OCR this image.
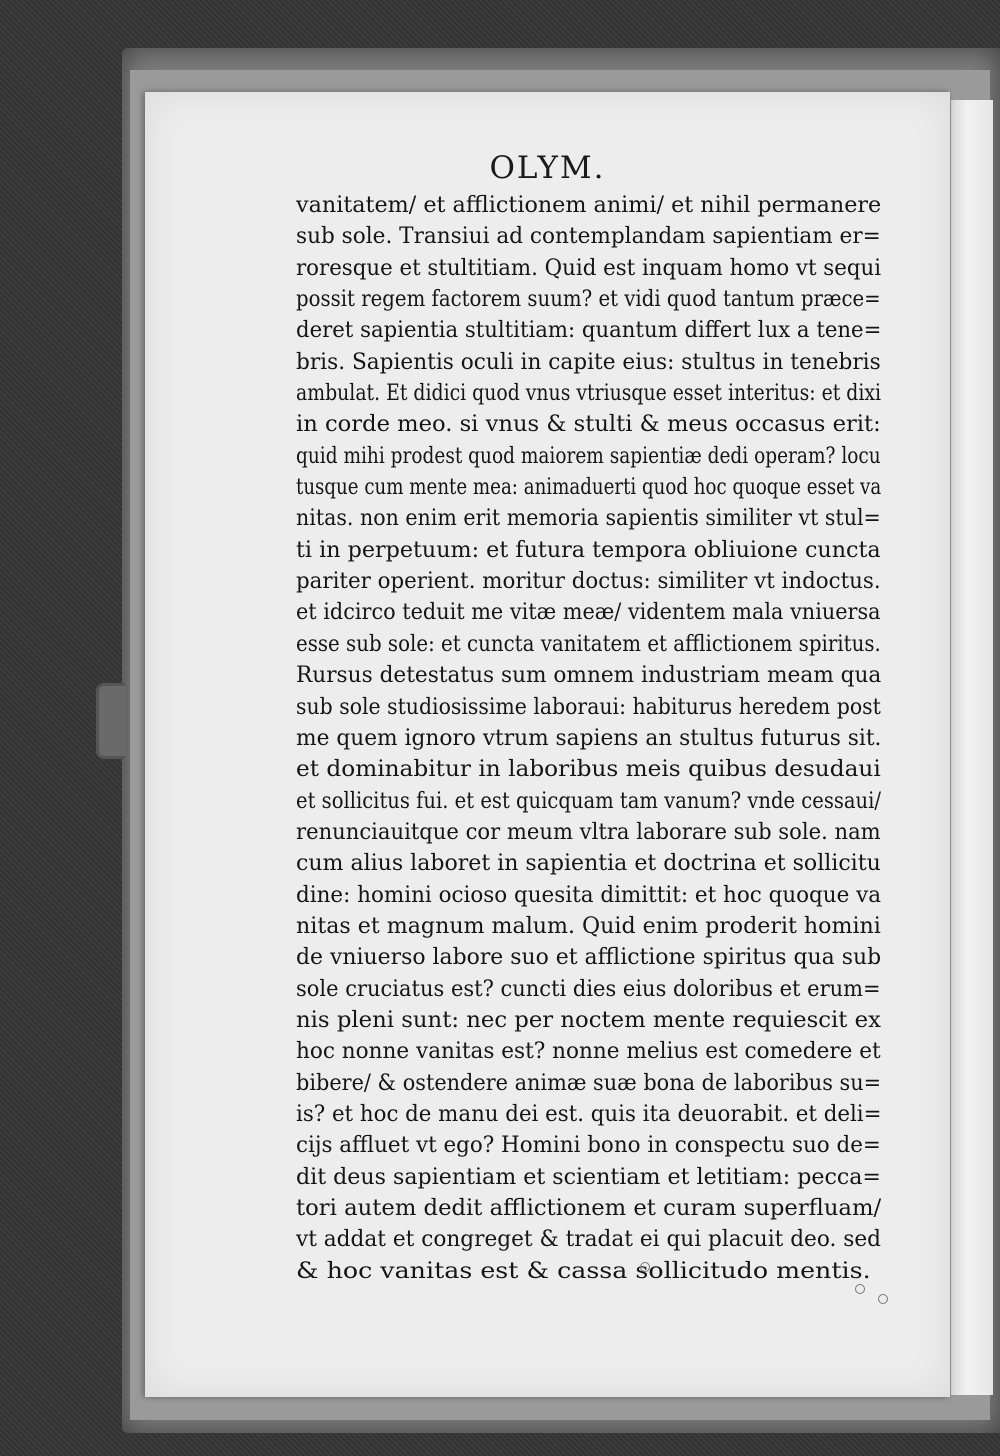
OLYM.
vanitatem/ et afflictionem animi/ et nihil permanere
sub sole. Transiui ad contemplandam sapientiam er=
roresque et stultitiam. Quid est inquam homo vt sequi
possit regem factorem suum? et vidi quod tantum præce=
deret sapientia stultitiam: quantum differt lux a tene=
bris. Sapientis oculi in capite eius: stultus in tenebris
ambulat. Et didici quod vnus vtriusque esset interitus: et dixi
in corde meo. si vnus & stulti & meus occasus erit:
quid mihi prodest quod maiorem sapientiæ dedi operam? locu
tusque cum mente mea: animaduerti quod hoc quoque esset va
nitas. non enim erit memoria sapientis similiter vt stul=
ti in perpetuum: et futura tempora obliuione cuncta
pariter operient. moritur doctus: similiter vt indoctus.
et idcirco teduit me vitæ meæ/ videntem mala vniuersa
esse sub sole: et cuncta vanitatem et afflictionem spiritus.
Rursus detestatus sum omnem industriam meam qua
sub sole studiosissime laboraui: habiturus heredem post
me quem ignoro vtrum sapiens an stultus futurus sit.
et dominabitur in laboribus meis quibus desudaui
et sollicitus fui. et est quicquam tam vanum? vnde cessaui/
renunciauitque cor meum vltra laborare sub sole. nam
cum alius laboret in sapientia et doctrina et sollicitu
dine: homini ocioso quesita dimittit: et hoc quoque va
nitas et magnum malum. Quid enim proderit homini
de vniuerso labore suo et afflictione spiritus qua sub
sole cruciatus est? cuncti dies eius doloribus et erum=
nis pleni sunt: nec per noctem mente requiescit ex
hoc nonne vanitas est? nonne melius est comedere et
bibere/ & ostendere animæ suæ bona de laboribus su=
is? et hoc de manu dei est. quis ita deuorabit. et deli=
cijs affluet vt ego? Homini bono in conspectu suo de=
dit deus sapientiam et scientiam et letitiam: pecca=
tori autem dedit afflictionem et curam superfluam/
vt addat et congreget & tradat ei qui placuit deo. sed
& hoc vanitas est & cassa sollicitudo mentis.
